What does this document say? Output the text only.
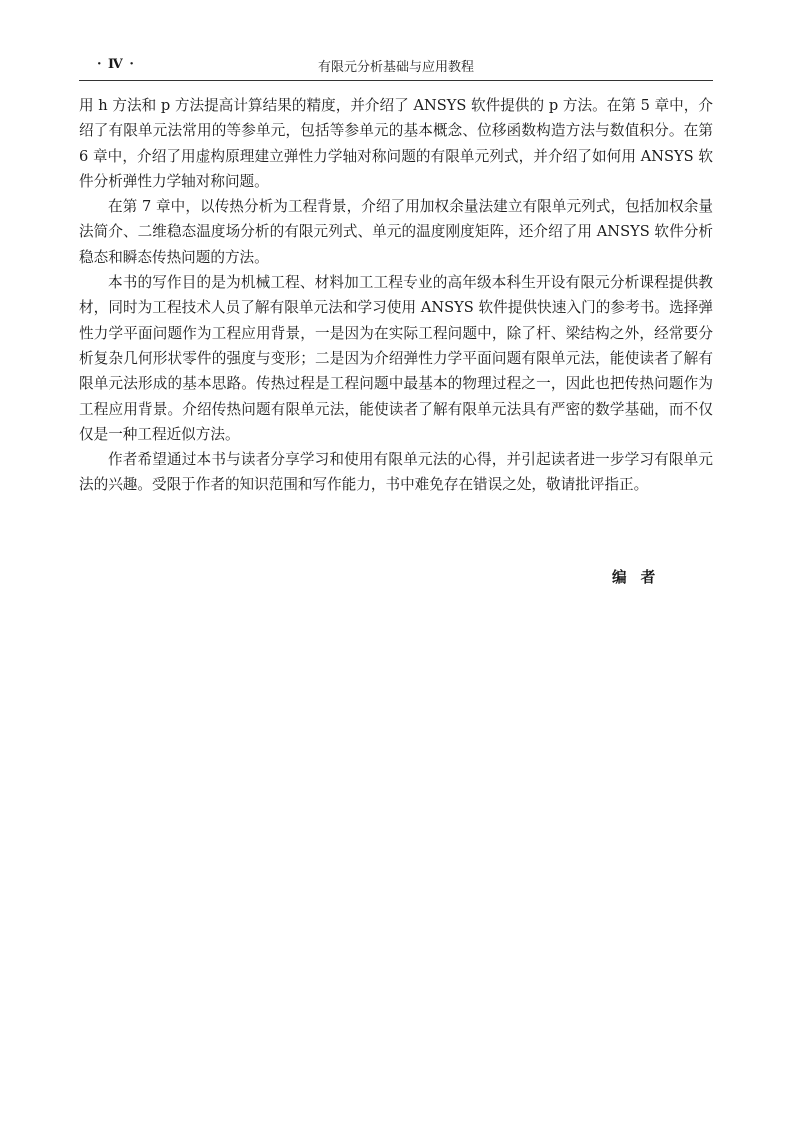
· Ⅳ ·	有限元分析基础与应用教程

用 h 方法和 p 方法提高计算结果的精度，并介绍了 ANSYS 软件提供的 p 方法。在第 5 章中，介绍了有限单元法常用的等参单元，包括等参单元的基本概念、位移函数构造方法与数值积分。在第 6 章中，介绍了用虚构原理建立弹性力学轴对称问题的有限单元列式，并介绍了如何用 ANSYS 软件分析弹性力学轴对称问题。

在第 7 章中，以传热分析为工程背景，介绍了用加权余量法建立有限单元列式，包括加权余量法简介、二维稳态温度场分析的有限元列式、单元的温度刚度矩阵，还介绍了用 ANSYS 软件分析稳态和瞬态传热问题的方法。

本书的写作目的是为机械工程、材料加工工程专业的高年级本科生开设有限元分析课程提供教材，同时为工程技术人员了解有限单元法和学习使用 ANSYS 软件提供快速入门的参考书。选择弹性力学平面问题作为工程应用背景，一是因为在实际工程问题中，除了杆、梁结构之外，经常要分析复杂几何形状零件的强度与变形；二是因为介绍弹性力学平面问题有限单元法，能使读者了解有限单元法形成的基本思路。传热过程是工程问题中最基本的物理过程之一，因此也把传热问题作为工程应用背景。介绍传热问题有限单元法，能使读者了解有限单元法具有严密的数学基础，而不仅仅是一种工程近似方法。

作者希望通过本书与读者分享学习和使用有限单元法的心得，并引起读者进一步学习有限单元法的兴趣。受限于作者的知识范围和写作能力，书中难免存在错误之处，敬请批评指正。

编者
